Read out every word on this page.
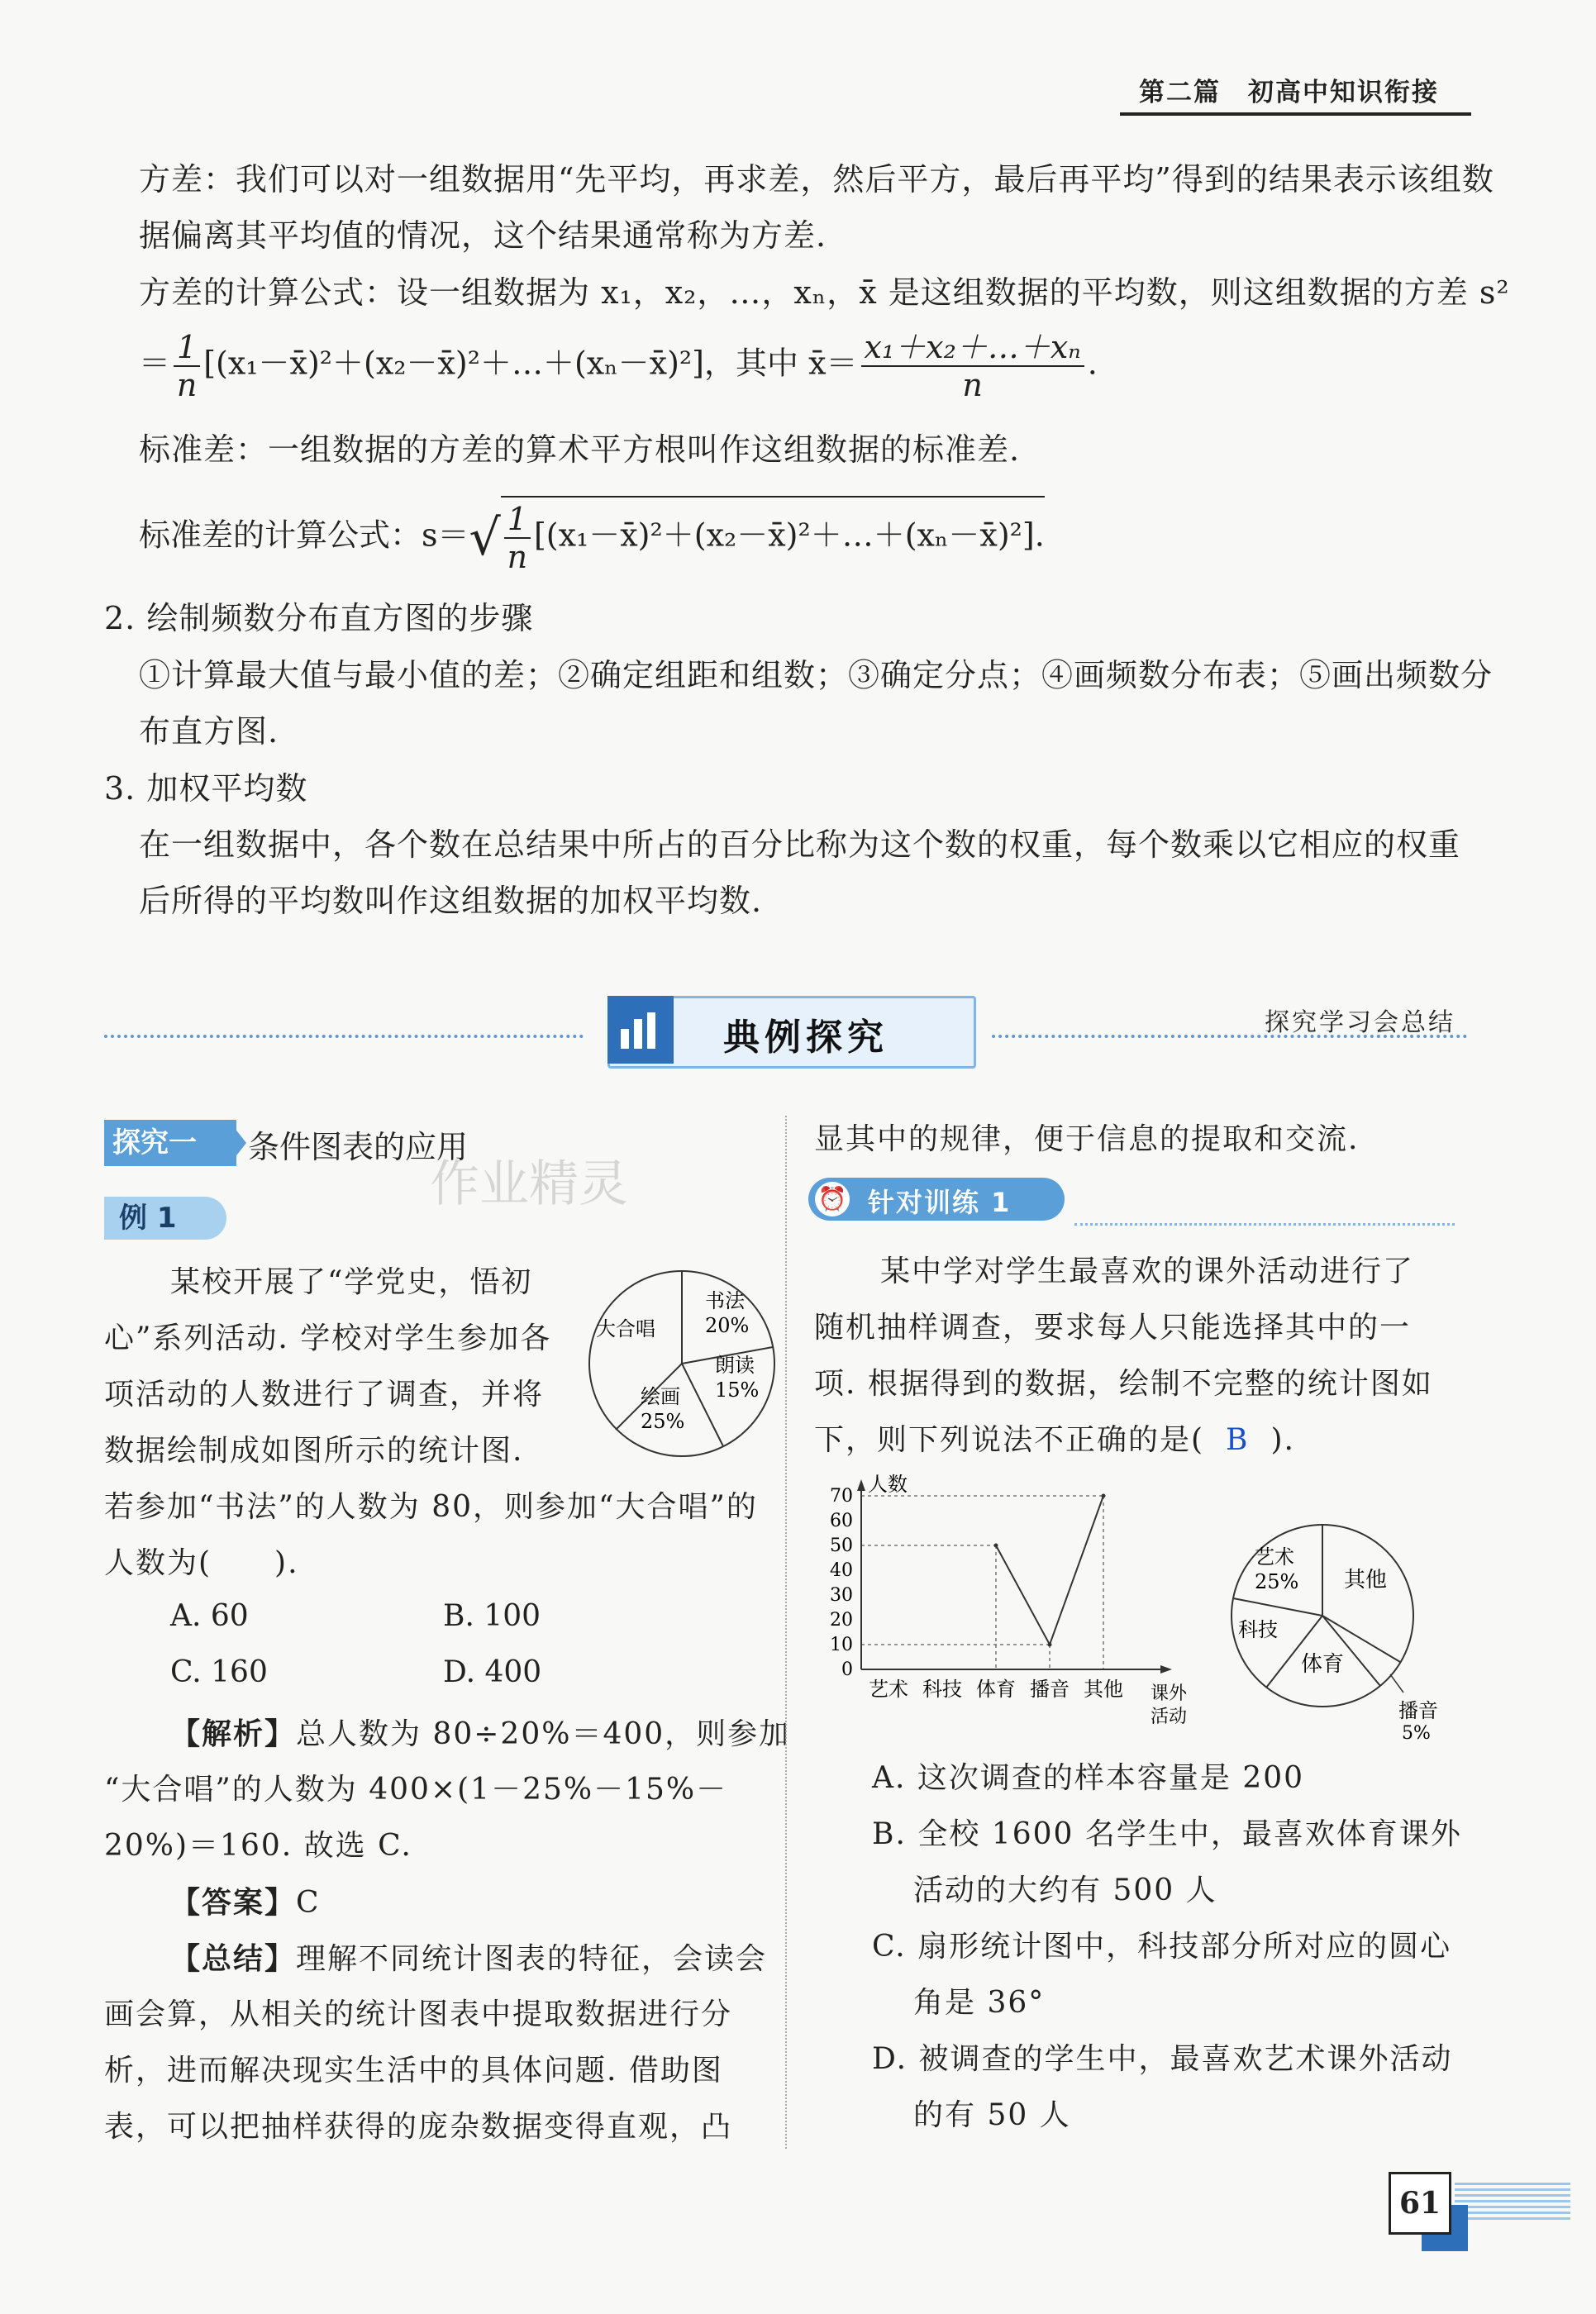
第二篇　初高中知识衔接
方差：我们可以对一组数据用“先平均，再求差，然后平方，最后再平均”得到的结果表示该组数
据偏离其平均值的情况，这个结果通常称为方差.
方差的计算公式：设一组数据为 x₁，x₂，…，xₙ，x̄ 是这组数据的平均数，则这组数据的方差 s²
＝ $\frac{1}{n}$ [(x₁－x̄)²＋(x₂－x̄)²＋…＋(xₙ－x̄)²]，其中 x̄＝ $\frac{\text{x₁＋x₂＋…＋xₙ}}{n}$ .
标准差：一组数据的方差的算术平方根叫作这组数据的标准差.
标准差的计算公式：$s=√ \frac{1}{n}$ [(x₁－x̄)²＋(x₂－x̄)²＋…＋(xₙ－x̄)²].
2. 绘制频数分布直方图的步骤
①计算最大值与最小值的差；②确定组距和组数；③确定分点；④画频数分布表；⑤画出频数分
布直方图.
3. 加权平均数
在一组数据中，各个数在总结果中所占的百分比称为这个数的权重，每个数乘以它相应的权重
后所得的平均数叫作这组数据的加权平均数.
典例探究	探究学习会总结
探究一	条件图表的应用
作业精灵
例 1
某校开展了“学党史，悟初
心”系列活动. 学校对学生参加各
项活动的人数进行了调查，并将
数据绘制成如图所示的统计图.
若参加“书法”的人数为 80，则参加“大合唱”的
人数为(　　).
书法
20%
朗读
15%
绘画
25%
大合唱
A. 60	B. 100
C. 160	D. 400
【解析】总人数为 80÷20%＝400，则参加
“大合唱”的人数为 400×(1－25%－15%－
20%)＝160. 故选 C.
【答案】C
【总结】理解不同统计图表的特征，会读会
画会算，从相关的统计图表中提取数据进行分
析，进而解决现实生活中的具体问题. 借助图
表，可以把抽样获得的庞杂数据变得直观，凸
显其中的规律，便于信息的提取和交流.
⏰ 针对训练 1
某中学对学生最喜欢的课外活动进行了
随机抽样调查，要求每人只能选择其中的一
项. 根据得到的数据，绘制不完整的统计图如
下，则下列说法不正确的是( B ).
人数
0
10
20
30
40
50
60
70
艺术 科技 体育 播音 其他 课外
活动
艺术
25% 其他
播音
5%
体育
科技
A. 这次调查的样本容量是 200
B. 全校 1600 名学生中，最喜欢体育课外
活动的大约有 500 人
C. 扇形统计图中，科技部分所对应的圆心
角是 36°
D. 被调查的学生中，最喜欢艺术课外活动
的有 50 人
61
